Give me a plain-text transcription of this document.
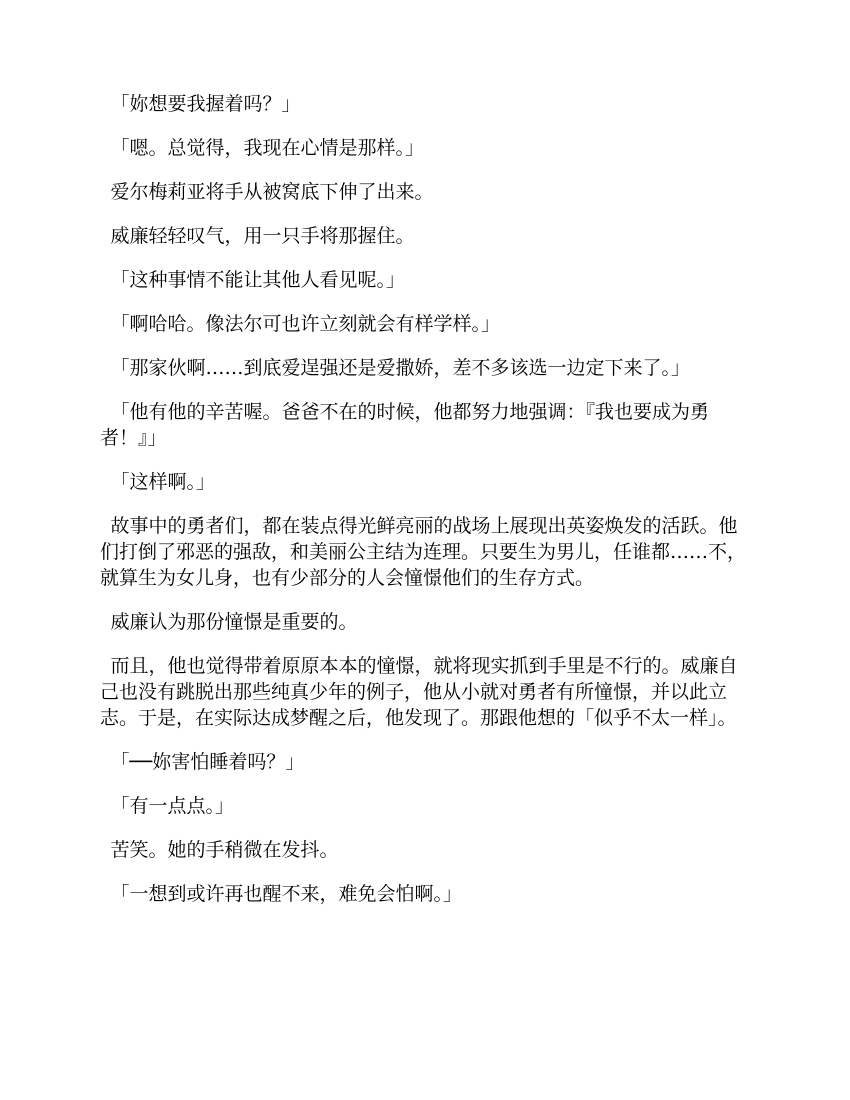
「妳想要我握着吗？」

「嗯。总觉得，我现在心情是那样。」

爱尔梅莉亚将手从被窝底下伸了出来。

威廉轻轻叹气，用一只手将那握住。

「这种事情不能让其他人看见呢。」

「啊哈哈。像法尔可也许立刻就会有样学样。」

「那家伙啊……到底爱逞强还是爱撒娇，差不多该选一边定下来了。」

「他有他的辛苦喔。爸爸不在的时候，他都努力地强调：『我也要成为勇者！』」

「这样啊。」

故事中的勇者们，都在装点得光鲜亮丽的战场上展现出英姿焕发的活跃。他们打倒了邪恶的强敌，和美丽公主结为连理。只要生为男儿，任谁都……不，就算生为女儿身，也有少部分的人会憧憬他们的生存方式。

威廉认为那份憧憬是重要的。

而且，他也觉得带着原原本本的憧憬，就将现实抓到手里是不行的。威廉自己也没有跳脱出那些纯真少年的例子，他从小就对勇者有所憧憬，并以此立志。于是，在实际达成梦醒之后，他发现了。那跟他想的「似乎不太一样」。

「──妳害怕睡着吗？」

「有一点点。」

苦笑。她的手稍微在发抖。

「一想到或许再也醒不来，难免会怕啊。」
